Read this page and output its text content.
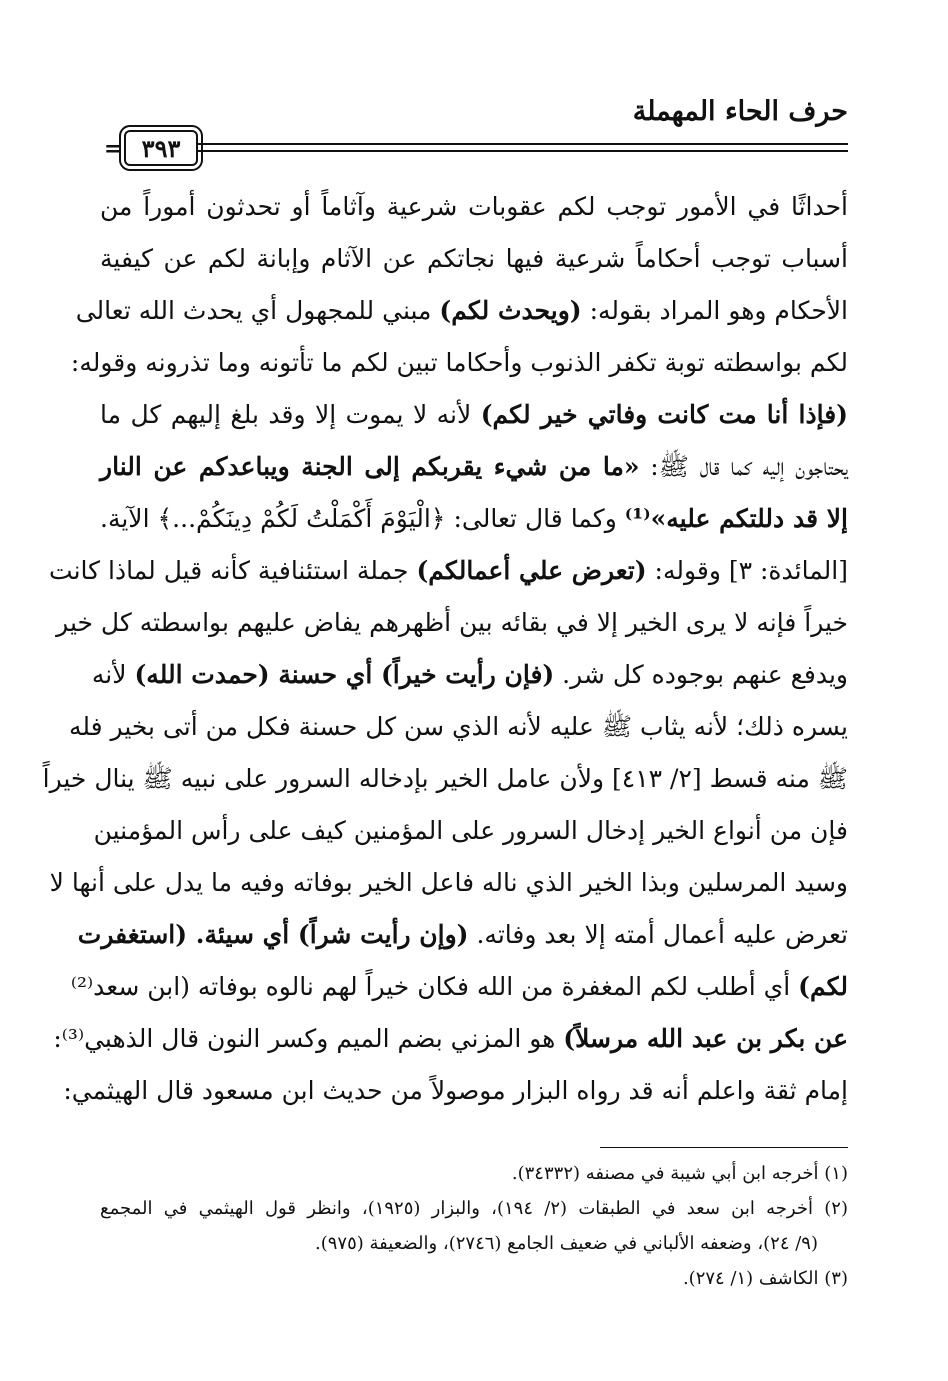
حرف الحاء المهملة
٣٩٣
=
أحداثًا في الأمور توجب لكم عقوبات شرعية وآثاماً أو تحدثون أموراً من
أسباب توجب أحكاماً شرعية فيها نجاتكم عن الآثام وإبانة لكم عن كيفية
الأحكام وهو المراد بقوله: (ويحدث لكم) مبني للمجهول أي يحدث الله تعالى
لكم بواسطته توبة تكفر الذنوب وأحكاما تبين لكم ما تأتونه وما تذرونه وقوله:
(فإذا أنا مت كانت وفاتي خير لكم) لأنه لا يموت إلا وقد بلغ إليهم كل ما
يحتاجون إليه كما قال ﷺ: «ما من شيء يقربكم إلى الجنة ويباعدكم عن النار
إلا قد دللتكم عليه»⁽¹⁾ وكما قال تعالى: ﴿الْيَوْمَ أَكْمَلْتُ لَكُمْ دِينَكُمْ...﴾ الآية.
[المائدة: ٣] وقوله: (تعرض علي أعمالكم) جملة استئنافية كأنه قيل لماذا كانت
خيراً فإنه لا يرى الخير إلا في بقائه بين أظهرهم يفاض عليهم بواسطته كل خير
ويدفع عنهم بوجوده كل شر. (فإن رأيت خيراً) أي حسنة (حمدت الله) لأنه
يسره ذلك؛ لأنه يثاب ﷺ عليه لأنه الذي سن كل حسنة فكل من أتى بخير فله
ﷺ منه قسط [٢/ ٤١٣] ولأن عامل الخير بإدخاله السرور على نبيه ﷺ ينال خيراً
فإن من أنواع الخير إدخال السرور على المؤمنين كيف على رأس المؤمنين
وسيد المرسلين وبذا الخير الذي ناله فاعل الخير بوفاته وفيه ما يدل على أنها لا
تعرض عليه أعمال أمته إلا بعد وفاته. (وإن رأيت شراً) أي سيئة. (استغفرت
لكم) أي أطلب لكم المغفرة من الله فكان خيراً لهم نالوه بوفاته (ابن سعد⁽²⁾
عن بكر بن عبد الله مرسلاً) هو المزني بضم الميم وكسر النون قال الذهبي⁽³⁾:
إمام ثقة واعلم أنه قد رواه البزار موصولاً من حديث ابن مسعود قال الهيثمي:
(١) أخرجه ابن أبي شيبة في مصنفه (٣٤٣٣٢).
(٢) أخرجه ابن سعد في الطبقات (٢/ ١٩٤)، والبزار (١٩٢٥)، وانظر قول الهيثمي في المجمع
(٩/ ٢٤)، وضعفه الألباني في ضعيف الجامع (٢٧٤٦)، والضعيفة (٩٧٥).
(٣) الكاشف (١/ ٢٧٤).
